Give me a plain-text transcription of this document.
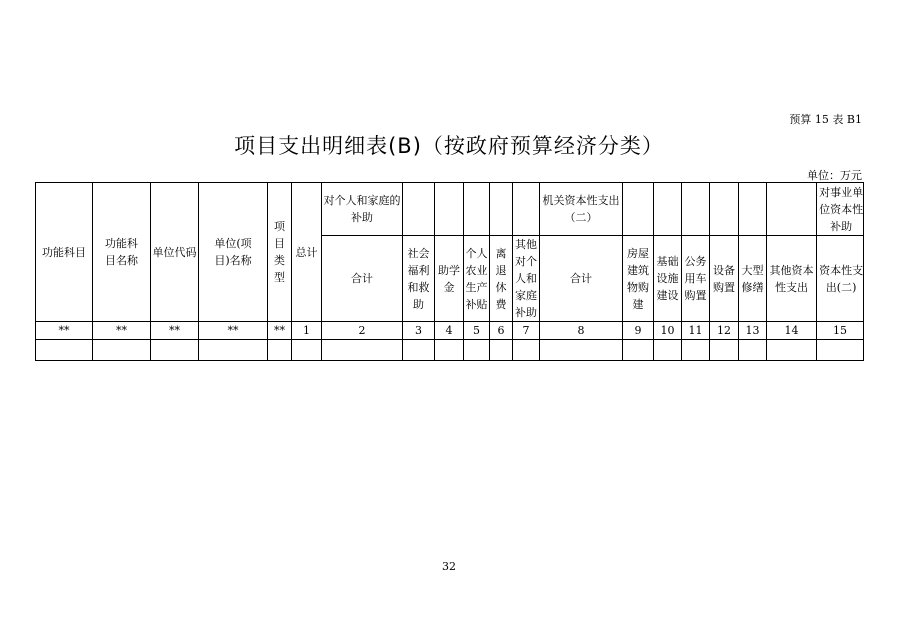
预算 15 表 B1
项目支出明细表(B)（按政府预算经济分类）
单位：万元
功能科目	功能科目名称	单位代码	单位(项目)名称	项目类型	总计	对个人和家庭的补助						机关资本性支出（二）							对事业单位资本性补助
						合计	社会福利和救助	助学金	个人农业生产补贴	离退休费	其他对个人和家庭补助	合计	房屋建筑物购建	基础设施建设	公务用车购置	设备购置	大型修缮	其他资本性支出	资本性支出(二)
**	**	**	**	**	1	2	3	4	5	6	7	8	9	10	11	12	13	14	15

32
